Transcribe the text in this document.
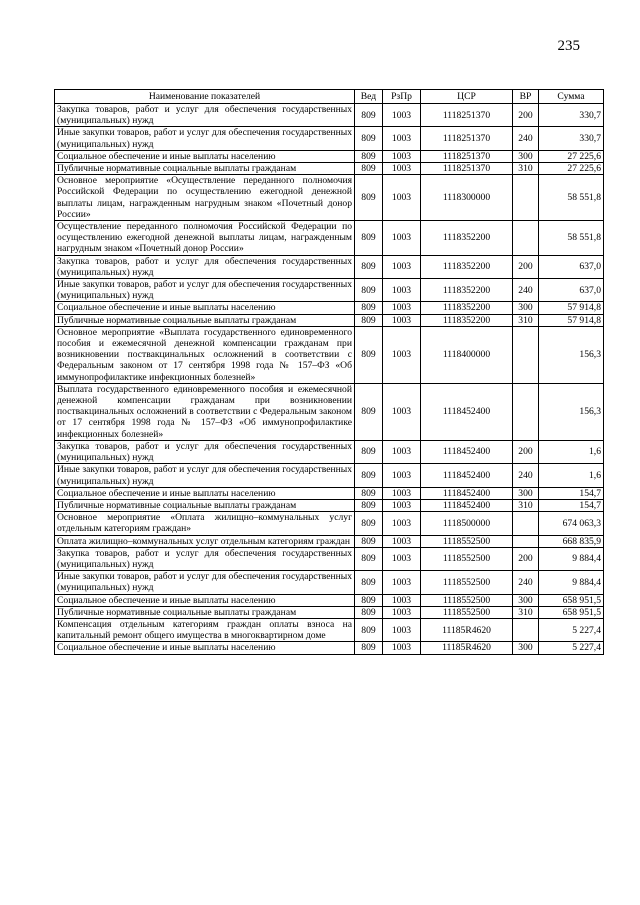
235
Наименование показателей	Вед	РзПр	ЦСР	ВР	Сумма
Закупка товаров, работ и услуг для обеспечения государственных (муниципальных) нужд	809	1003	1118251370	200	330,7
Иные закупки товаров, работ и услуг для обеспечения государственных (муниципальных) нужд	809	1003	1118251370	240	330,7
Социальное обеспечение и иные выплаты населению	809	1003	1118251370	300	27 225,6
Публичные нормативные социальные выплаты гражданам	809	1003	1118251370	310	27 225,6
Основное мероприятие «Осуществление переданного полномочия Российской Федерации по осуществлению ежегодной денежной выплаты лицам, награжденным нагрудным знаком «Почетный донор России»	809	1003	1118300000		58 551,8
Осуществление переданного полномочия Российской Федерации по осуществлению ежегодной денежной выплаты лицам, награжденным нагрудным знаком «Почетный донор России»	809	1003	1118352200		58 551,8
Закупка товаров, работ и услуг для обеспечения государственных (муниципальных) нужд	809	1003	1118352200	200	637,0
Иные закупки товаров, работ и услуг для обеспечения государственных (муниципальных) нужд	809	1003	1118352200	240	637,0
Социальное обеспечение и иные выплаты населению	809	1003	1118352200	300	57 914,8
Публичные нормативные социальные выплаты гражданам	809	1003	1118352200	310	57 914,8
Основное мероприятие «Выплата государственного единовременного пособия и ежемесячной денежной компенсации гражданам при возникновении поствакцинальных осложнений в соответствии с Федеральным законом от 17 сентября 1998 года № 157–ФЗ «Об иммунопрофилактике инфекционных болезней»	809	1003	1118400000		156,3
Выплата государственного единовременного пособия и ежемесячной денежной компенсации гражданам при возникновении поствакцинальных осложнений в соответствии с Федеральным законом от 17 сентября 1998 года № 157–ФЗ «Об иммунопрофилактике инфекционных болезней»	809	1003	1118452400		156,3
Закупка товаров, работ и услуг для обеспечения государственных (муниципальных) нужд	809	1003	1118452400	200	1,6
Иные закупки товаров, работ и услуг для обеспечения государственных (муниципальных) нужд	809	1003	1118452400	240	1,6
Социальное обеспечение и иные выплаты населению	809	1003	1118452400	300	154,7
Публичные нормативные социальные выплаты гражданам	809	1003	1118452400	310	154,7
Основное мероприятие «Оплата жилищно–коммунальных услуг отдельным категориям граждан»	809	1003	1118500000		674 063,3
Оплата жилищно–коммунальных услуг отдельным категориям граждан	809	1003	1118552500		668 835,9
Закупка товаров, работ и услуг для обеспечения государственных (муниципальных) нужд	809	1003	1118552500	200	9 884,4
Иные закупки товаров, работ и услуг для обеспечения государственных (муниципальных) нужд	809	1003	1118552500	240	9 884,4
Социальное обеспечение и иные выплаты населению	809	1003	1118552500	300	658 951,5
Публичные нормативные социальные выплаты гражданам	809	1003	1118552500	310	658 951,5
Компенсация отдельным категориям граждан оплаты взноса на капитальный ремонт общего имущества в многоквартирном доме	809	1003	11185R4620		5 227,4
Социальное обеспечение и иные выплаты населению	809	1003	11185R4620	300	5 227,4
